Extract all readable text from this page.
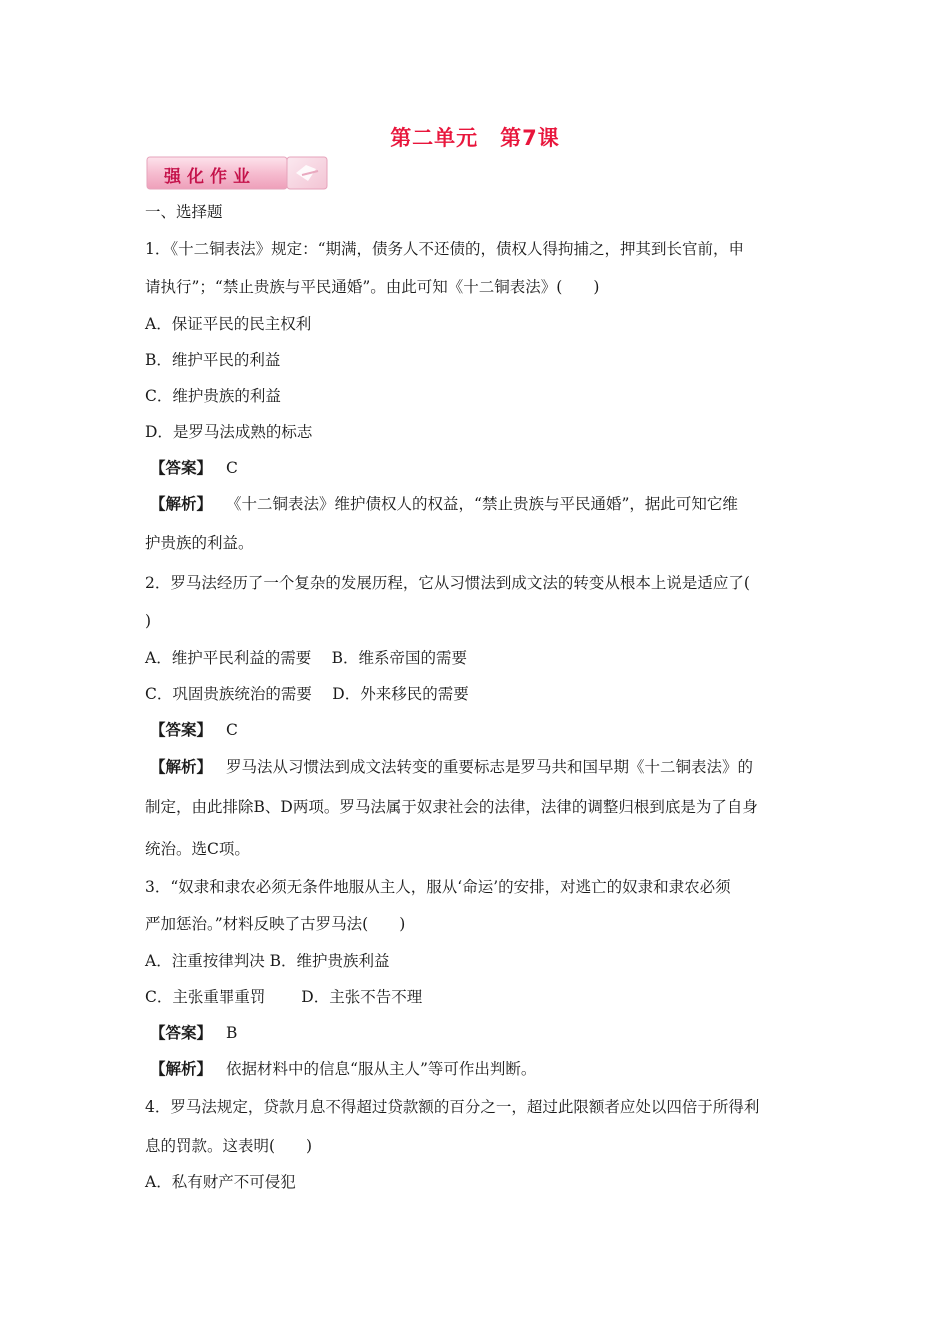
第二单元　第7课
强化作业
一、选择题
1．《十二铜表法》规定：“期满，债务人不还债的，债权人得拘捕之，押其到长官前，申
请执行”；“禁止贵族与平民通婚”。由此可知《十二铜表法》(　　)
A．保证平民的民主权利
B．维护平民的利益
C．维护贵族的利益
D．是罗马法成熟的标志
【答案】 C
【解析】 《十二铜表法》维护债权人的权益，“禁止贵族与平民通婚”，据此可知它维
护贵族的利益。
2．罗马法经历了一个复杂的发展历程，它从习惯法到成文法的转变从根本上说是适应了(
)
A．维护平民利益的需要　 B．维系帝国的需要
C．巩固贵族统治的需要　 D．外来移民的需要
【答案】 C
【解析】 罗马法从习惯法到成文法转变的重要标志是罗马共和国早期《十二铜表法》的
制定，由此排除B、D两项。罗马法属于奴隶社会的法律，法律的调整归根到底是为了自身
统治。选C项。
3．“奴隶和隶农必须无条件地服从主人，服从‘命运’的安排，对逃亡的奴隶和隶农必须
严加惩治。”材料反映了古罗马法(　　)
A．注重按律判决 B．维护贵族利益
C．主张重罪重罚　　 D．主张不告不理
【答案】 B
【解析】 依据材料中的信息“服从主人”等可作出判断。
4．罗马法规定，贷款月息不得超过贷款额的百分之一，超过此限额者应处以四倍于所得利
息的罚款。这表明(　　)
A．私有财产不可侵犯
